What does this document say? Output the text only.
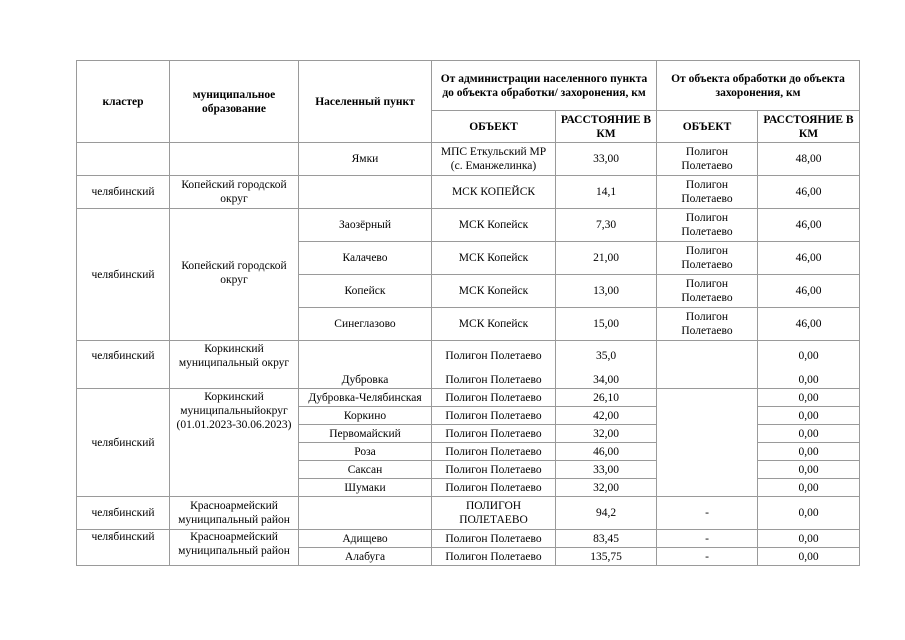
кластер	муниципальное образование	Населенный пункт	От администрации населенного пункта до объекта обработки/ захоронения, км		От объекта обработки до объекта захоронения, км	
			ОБЪЕКТ	РАССТОЯНИЕ В КМ	ОБЪЕКТ	РАССТОЯНИЕ В КМ
		Ямки	МПС Еткульский МР (с. Еманжелинка)	33,00	Полигон Полетаево	48,00
челябинский	Копейский городской округ		МСК КОПЕЙСК	14,1	Полигон Полетаево	46,00
челябинский	Копейский городской округ	Заозёрный	МСК Копейск	7,30	Полигон Полетаево	46,00
		Калачево	МСК Копейск	21,00	Полигон Полетаево	46,00
		Копейск	МСК Копейск	13,00	Полигон Полетаево	46,00
		Синеглазово	МСК Копейск	15,00	Полигон Полетаево	46,00
челябинский	Коркинский муниципальный округ		Полигон Полетаево	35,0		0,00
		Дубровка	Полигон Полетаево	34,00		0,00
челябинский	Коркинский муниципальныйокруг (01.01.2023-30.06.2023)	Дубровка-Челябинская	Полигон Полетаево	26,10		0,00
		Коркино	Полигон Полетаево	42,00		0,00
		Первомайский	Полигон Полетаево	32,00		0,00
		Роза	Полигон Полетаево	46,00		0,00
		Саксан	Полигон Полетаево	33,00		0,00
		Шумаки	Полигон Полетаево	32,00		0,00
челябинский	Красноармейский муниципальный район		ПОЛИГОН ПОЛЕТАЕВО	94,2	-	0,00
челябинский	Красноармейский муниципальный район	Адищево	Полигон Полетаево	83,45	-	0,00
		Алабуга	Полигон Полетаево	135,75	-	0,00
